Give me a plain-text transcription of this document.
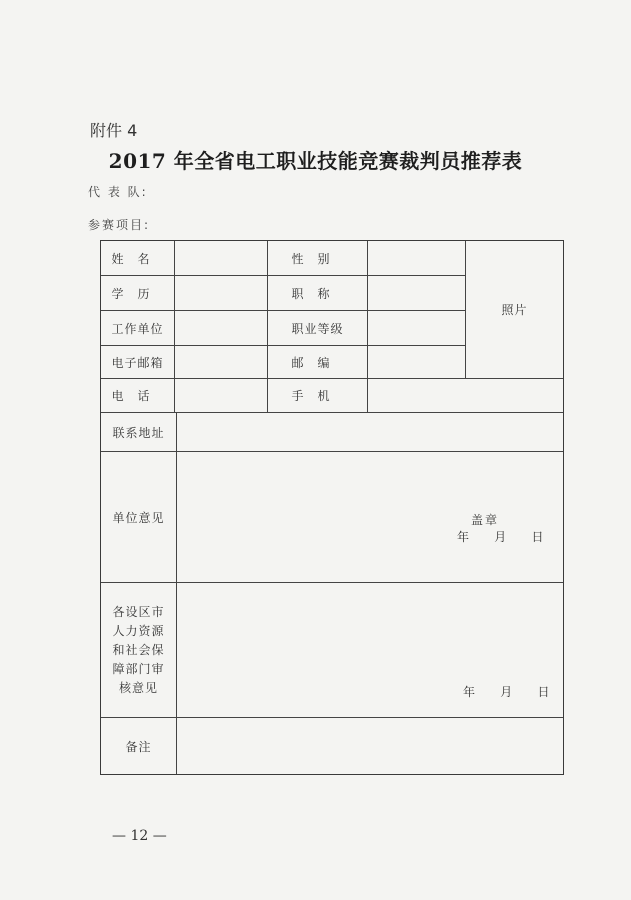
附件 4
2017 年全省电工职业技能竞赛裁判员推荐表
代 表 队:
参赛项目:
姓名	性别
学历	职称
工作单位	职业等级
电子邮箱	邮编
照片
电话	手机
联系地址
单位意见	盖章
年    月    日
各设区市
人力资源
和社会保
障部门审
核意见	年    月    日
备注
— 12 —
